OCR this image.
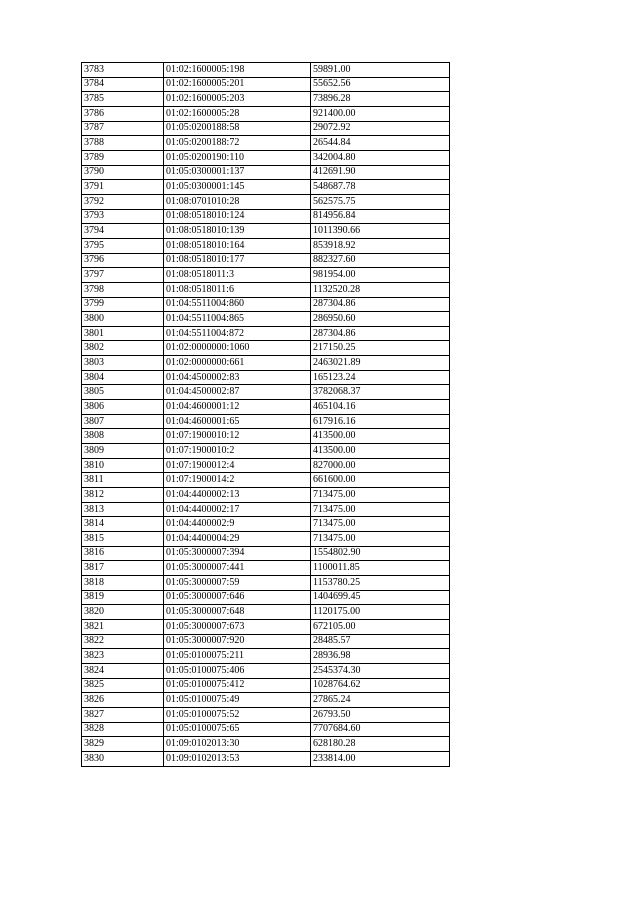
3783	01:02:1600005:198	59891.00
3784	01:02:1600005:201	55652.56
3785	01:02:1600005:203	73896.28
3786	01:02:1600005:28	921400.00
3787	01:05:0200188:58	29072.92
3788	01:05:0200188:72	26544.84
3789	01:05:0200190:110	342004.80
3790	01:05:0300001:137	412691.90
3791	01:05:0300001:145	548687.78
3792	01:08:0701010:28	562575.75
3793	01:08:0518010:124	814956.84
3794	01:08:0518010:139	1011390.66
3795	01:08:0518010:164	853918.92
3796	01:08:0518010:177	882327.60
3797	01:08:0518011:3	981954.00
3798	01:08:0518011:6	1132520.28
3799	01:04:5511004:860	287304.86
3800	01:04:5511004:865	286950.60
3801	01:04:5511004:872	287304.86
3802	01:02:0000000:1060	217150.25
3803	01:02:0000000:661	2463021.89
3804	01:04:4500002:83	165123.24
3805	01:04:4500002:87	3782068.37
3806	01:04:4600001:12	465104.16
3807	01:04:4600001:65	617916.16
3808	01:07:1900010:12	413500.00
3809	01:07:1900010:2	413500.00
3810	01:07:1900012:4	827000.00
3811	01:07:1900014:2	661600.00
3812	01:04:4400002:13	713475.00
3813	01:04:4400002:17	713475.00
3814	01:04:4400002:9	713475.00
3815	01:04:4400004:29	713475.00
3816	01:05:3000007:394	1554802.90
3817	01:05:3000007:441	1100011.85
3818	01:05:3000007:59	1153780.25
3819	01:05:3000007:646	1404699.45
3820	01:05:3000007:648	1120175.00
3821	01:05:3000007:673	672105.00
3822	01:05:3000007:920	28485.57
3823	01:05:0100075:211	28936.98
3824	01:05:0100075:406	2545374.30
3825	01:05:0100075:412	1028764.62
3826	01:05:0100075:49	27865.24
3827	01:05:0100075:52	26793.50
3828	01:05:0100075:65	7707684.60
3829	01:09:0102013:30	628180.28
3830	01:09:0102013:53	233814.00
